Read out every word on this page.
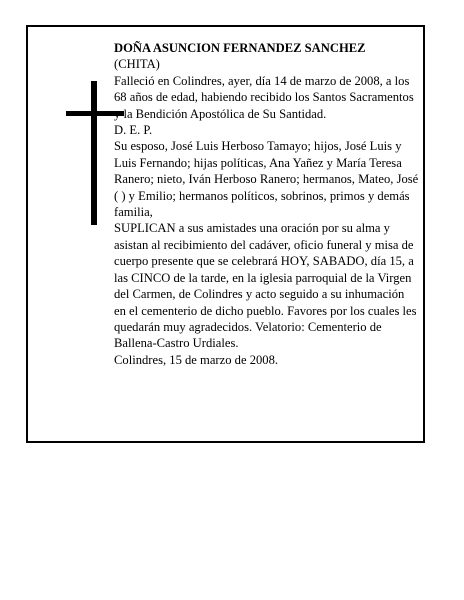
DOÑA ASUNCION FERNANDEZ SANCHEZ

(CHITA)

Falleció en Colindres, ayer, día 14 de marzo de 2008, a los 68 años de edad, habiendo recibido los Santos Sacramentos y la Bendición Apostólica de Su Santidad.

D. E. P.

Su esposo, José Luis Herboso Tamayo; hijos, José Luis y Luis Fernando; hijas políticas, Ana Yañez y María Teresa Ranero; nieto, Iván Herboso Ranero; hermanos, Mateo, José ( ) y Emilio; hermanos políticos, sobrinos, primos y demás familia,

SUPLICAN a sus amistades una oración por su alma y asistan al recibimiento del cadáver, oficio funeral y misa de cuerpo presente que se celebrará HOY, SABADO, día 15, a las CINCO de la tarde, en la iglesia parroquial de la Virgen del Carmen, de Colindres y acto seguido a su inhumación en el cementerio de dicho pueblo. Favores por los cuales les quedarán muy agradecidos. Velatorio: Cementerio de Ballena-Castro Urdiales.

Colindres, 15 de marzo de 2008.
